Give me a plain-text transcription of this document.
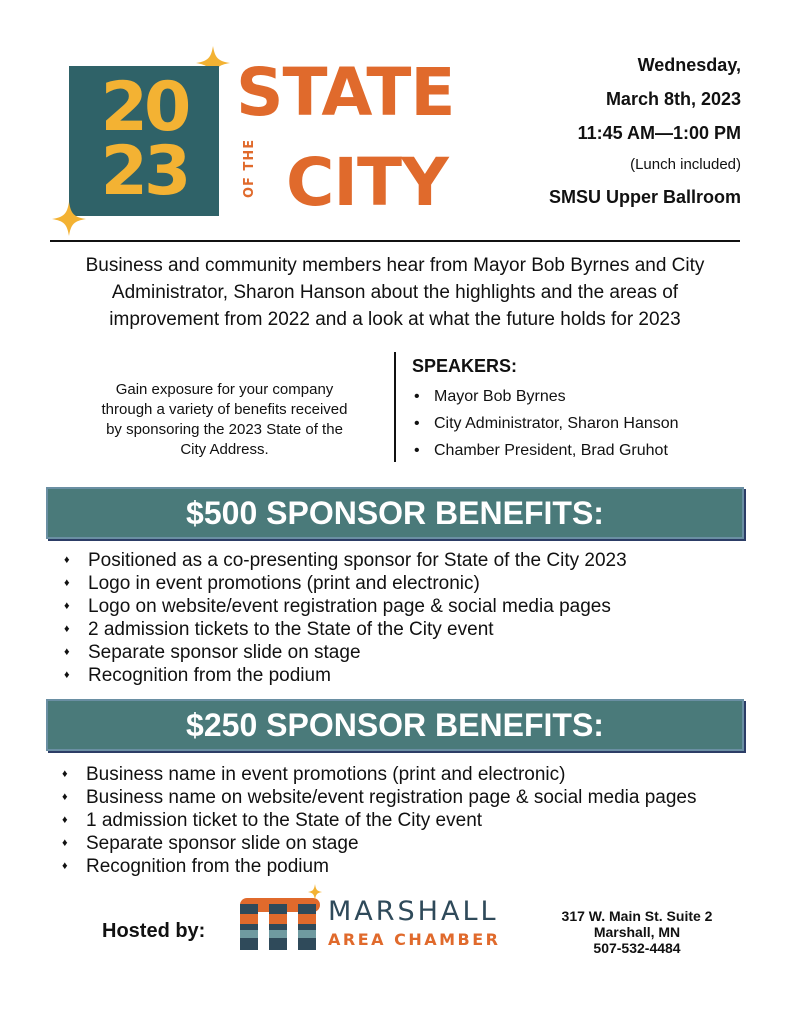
20
23
STATE
OF THE CITY
Wednesday,
March 8th, 2023
11:45 AM—1:00 PM
(Lunch included)
SMSU Upper Ballroom
Business and community members hear from Mayor Bob Byrnes and City
Administrator, Sharon Hanson about the highlights and the areas of
improvement from 2022 and a look at what the future holds for 2023
Gain exposure for your company
through a variety of benefits received
by sponsoring the 2023 State of the
City Address.
SPEAKERS:
• Mayor Bob Byrnes
• City Administrator, Sharon Hanson
• Chamber President, Brad Gruhot
$500 SPONSOR BENEFITS:
♦ Positioned as a co-presenting sponsor for State of the City 2023
♦ Logo in event promotions (print and electronic)
♦ Logo on website/event registration page & social media pages
♦ 2 admission tickets to the State of the City event
♦ Separate sponsor slide on stage
♦ Recognition from the podium
$250 SPONSOR BENEFITS:
♦ Business name in event promotions (print and electronic)
♦ Business name on website/event registration page & social media pages
♦ 1 admission ticket to the State of the City event
♦ Separate sponsor slide on stage
♦ Recognition from the podium
Hosted by:
MARSHALL
AREA CHAMBER
317 W. Main St. Suite 2
Marshall, MN
507-532-4484
